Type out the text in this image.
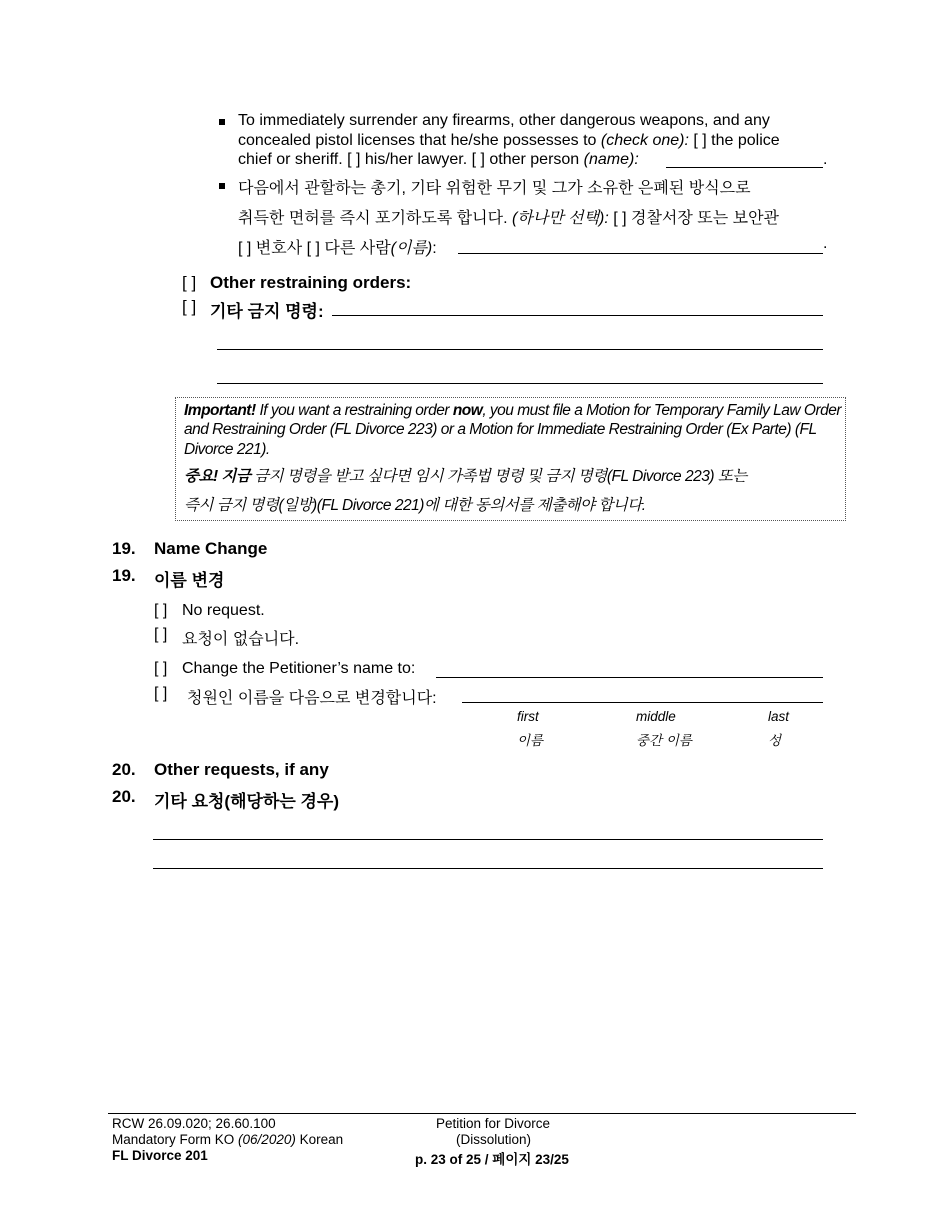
To immediately surrender any firearms, other dangerous weapons, and any
concealed pistol licenses that he/she possesses to (check one): [ ] the police
chief or sheriff. [ ] his/her lawyer. [ ] other person (name):	.
다음에서 관할하는 총기, 기타 위험한 무기 및 그가 소유한 은폐된 방식으로
취득한 면허를 즉시 포기하도록 합니다. (하나만 선택): [ ] 경찰서장 또는 보안관
[ ] 변호사 [ ] 다른 사람(이름):	.
[ ] Other restraining orders:
[ ] 기타 금지 명령:

Important! If you want a restraining order now, you must file a Motion for Temporary Family Law Order

and Restraining Order (FL Divorce 223) or a Motion for Immediate Restraining Order (Ex Parte) (FL

Divorce 221).

중요! 지금 금지 명령을 받고 싶다면 임시 가족법 명령 및 금지 명령(FL Divorce 223) 또는

즉시 금지 명령(일방)(FL Divorce 221)에 대한 동의서를 제출해야 합니다.

19. Name Change
19. 이름 변경
[ ] No request.
[ ] 요청이 없습니다.
[ ] Change the Petitioner’s name to:
[ ] 청원인 이름을 다음으로 변경합니다:
first	middle	last
이름	중간 이름	성
20. Other requests, if any
20. 기타 요청(해당하는 경우)
RCW 26.09.020; 26.60.100
Mandatory Form KO (06/2020) Korean
FL Divorce 201
Petition for Divorce
(Dissolution)
p. 23 of 25 / 페이지 23/25
